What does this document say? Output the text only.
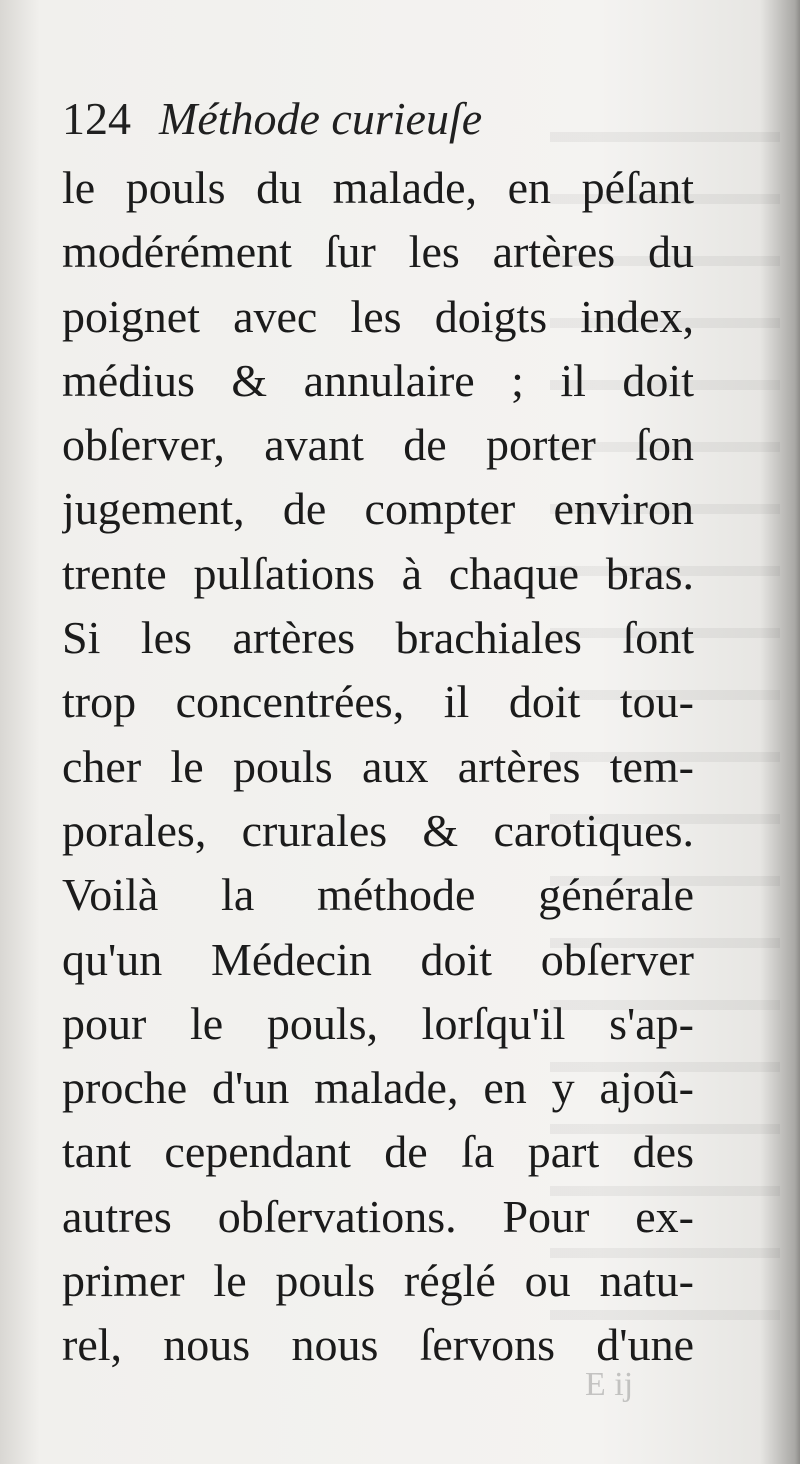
124 Méthode curieuſe
le pouls du malade, en péſant
modérément ſur les artères du
poignet avec les doigts index,
médius & annulaire ; il doit
obſerver, avant de porter ſon
jugement, de compter environ
trente pulſations à chaque bras.
Si les artères brachiales ſont
trop concentrées, il doit tou-
cher le pouls aux artères tem-
porales, crurales & carotiques.
Voilà la méthode générale
qu'un Médecin doit obſerver
pour le pouls, lorſqu'il s'ap-
proche d'un malade, en y ajoû-
tant cependant de ſa part des
autres obſervations. Pour ex-
primer le pouls réglé ou natu-
rel, nous nous ſervons d'une
E ij
